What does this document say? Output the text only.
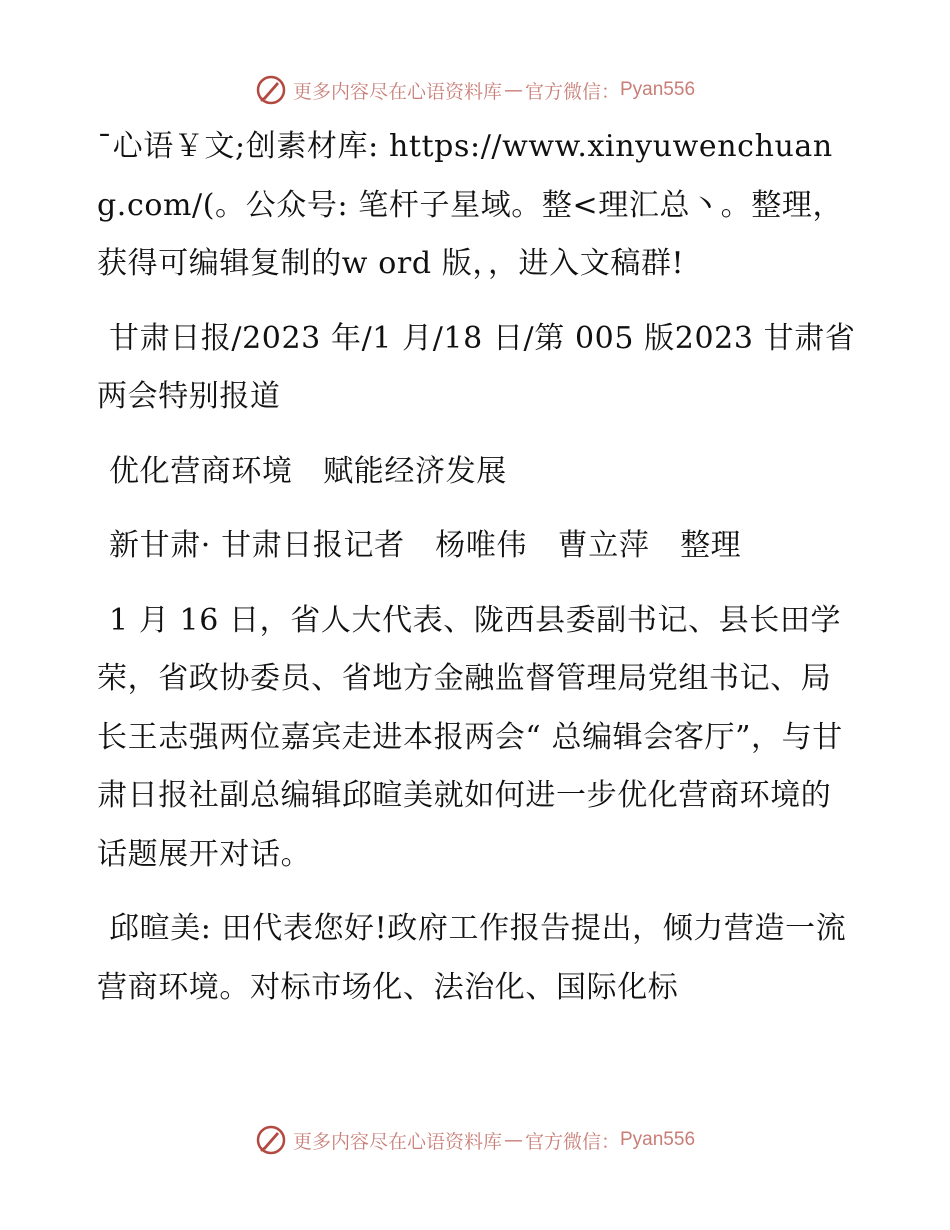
更多内容尽在心语资料库 — 官方微信： Pyan556

¯心语￥文;创素材库: https://www.xinyuwenchuang.com/(。公众号: 笔杆子星域。整<理汇总丶。整理，获得可编辑复制的w ord 版，，进入文稿群!

甘肃日报/2023 年/1 月/18 日/第 005 版2023 甘肃省两会特别报道

优化营商环境　赋能经济发展

新甘肃· 甘肃日报记者　杨唯伟　曹立萍　整理

1 月 16 日，省人大代表、陇西县委副书记、县长田学荣，省政协委员、省地方金融监督管理局党组书记、局长王志强两位嘉宾走进本报两会“ 总编辑会客厅”，与甘肃日报社副总编辑邱暄美就如何进一步优化营商环境的话题展开对话。

邱暄美: 田代表您好!政府工作报告提出，倾力营造一流营商环境。对标市场化、法治化、国际化标

更多内容尽在心语资料库 — 官方微信： Pyan556
